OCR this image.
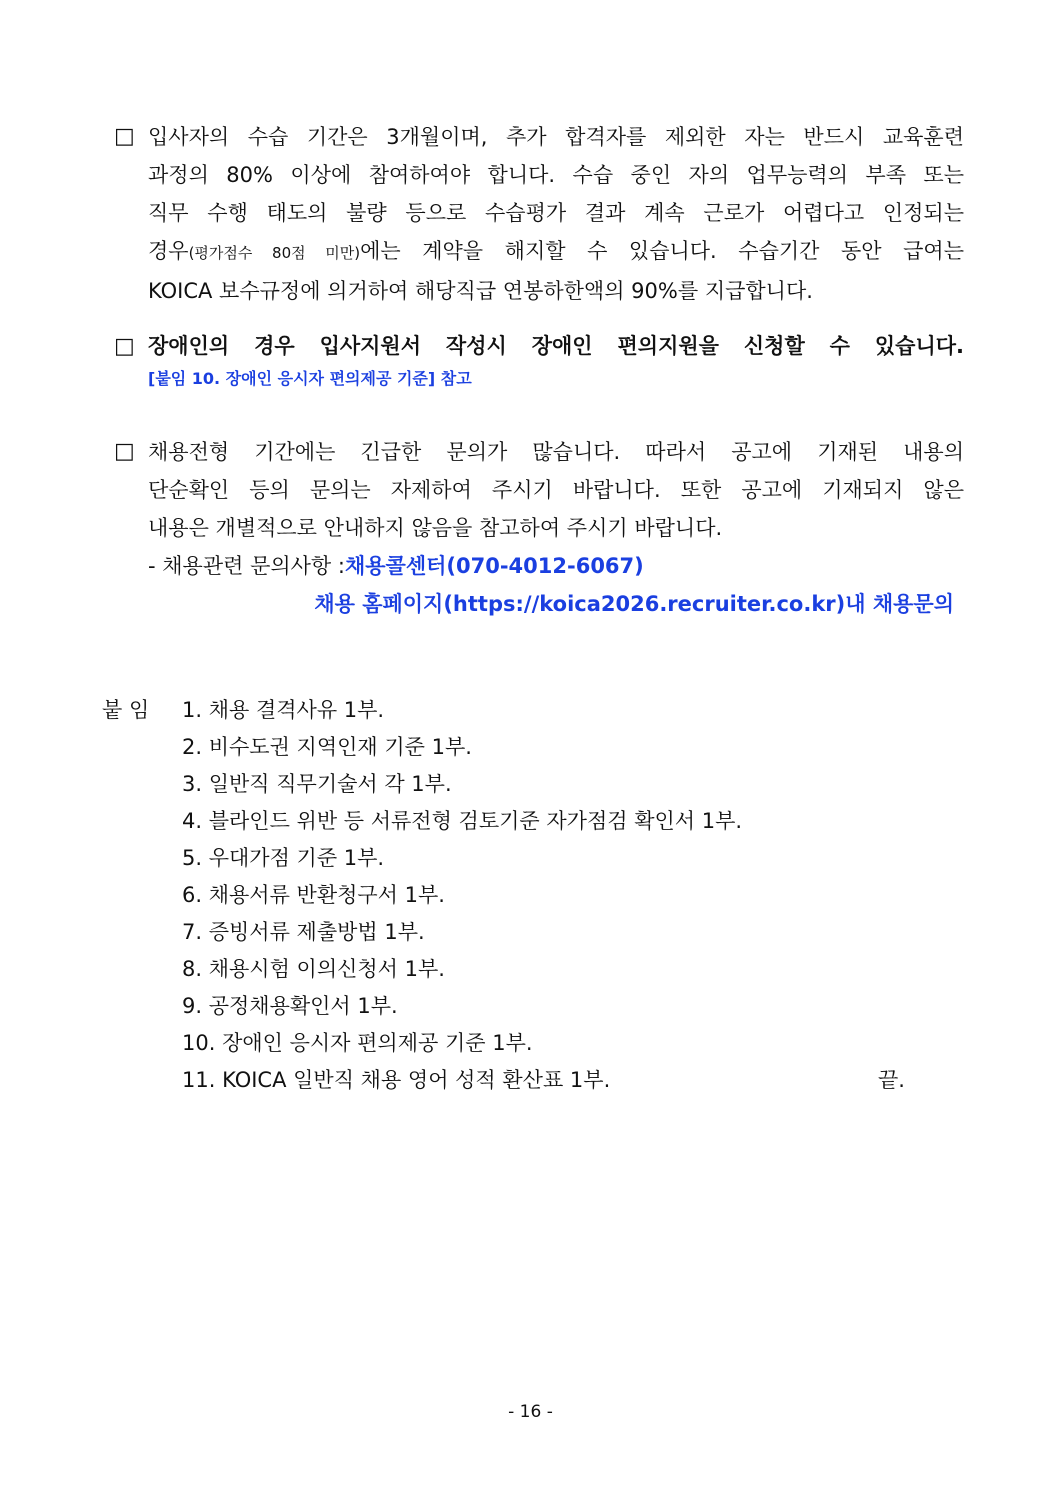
□ 입사자의 수습 기간은 3개월이며, 추가 합격자를 제외한 자는 반드시 교육훈련
과정의 80% 이상에 참여하여야 합니다. 수습 중인 자의 업무능력의 부족 또는
직무 수행 태도의 불량 등으로 수습평가 결과 계속 근로가 어렵다고 인정되는
경우(평가점수 80점 미만)에는 계약을 해지할 수 있습니다. 수습기간 동안 급여는
KOICA 보수규정에 의거하여 해당직급 연봉하한액의 90%를 지급합니다.
□ 장애인의 경우 입사지원서 작성시 장애인 편의지원을 신청할 수 있습니다.
[붙임 10. 장애인 응시자 편의제공 기준] 참고
□ 채용전형 기간에는 긴급한 문의가 많습니다. 따라서 공고에 기재된 내용의
단순확인 등의 문의는 자제하여 주시기 바랍니다. 또한 공고에 기재되지 않은
내용은 개별적으로 안내하지 않음을 참고하여 주시기 바랍니다.
- 채용관련 문의사항 :채용콜센터(070-4012-6067)
채용 홈페이지(https://koica2026.recruiter.co.kr)내 채용문의
붙 임	1. 채용 결격사유 1부.
2. 비수도권 지역인재 기준 1부.
3. 일반직 직무기술서 각 1부.
4. 블라인드 위반 등 서류전형 검토기준 자가점검 확인서 1부.
5. 우대가점 기준 1부.
6. 채용서류 반환청구서 1부.
7. 증빙서류 제출방법 1부.
8. 채용시험 이의신청서 1부.
9. 공정채용확인서 1부.
10. 장애인 응시자 편의제공 기준 1부.
11. KOICA 일반직 채용 영어 성적 환산표 1부.	끝.
- 16 -
